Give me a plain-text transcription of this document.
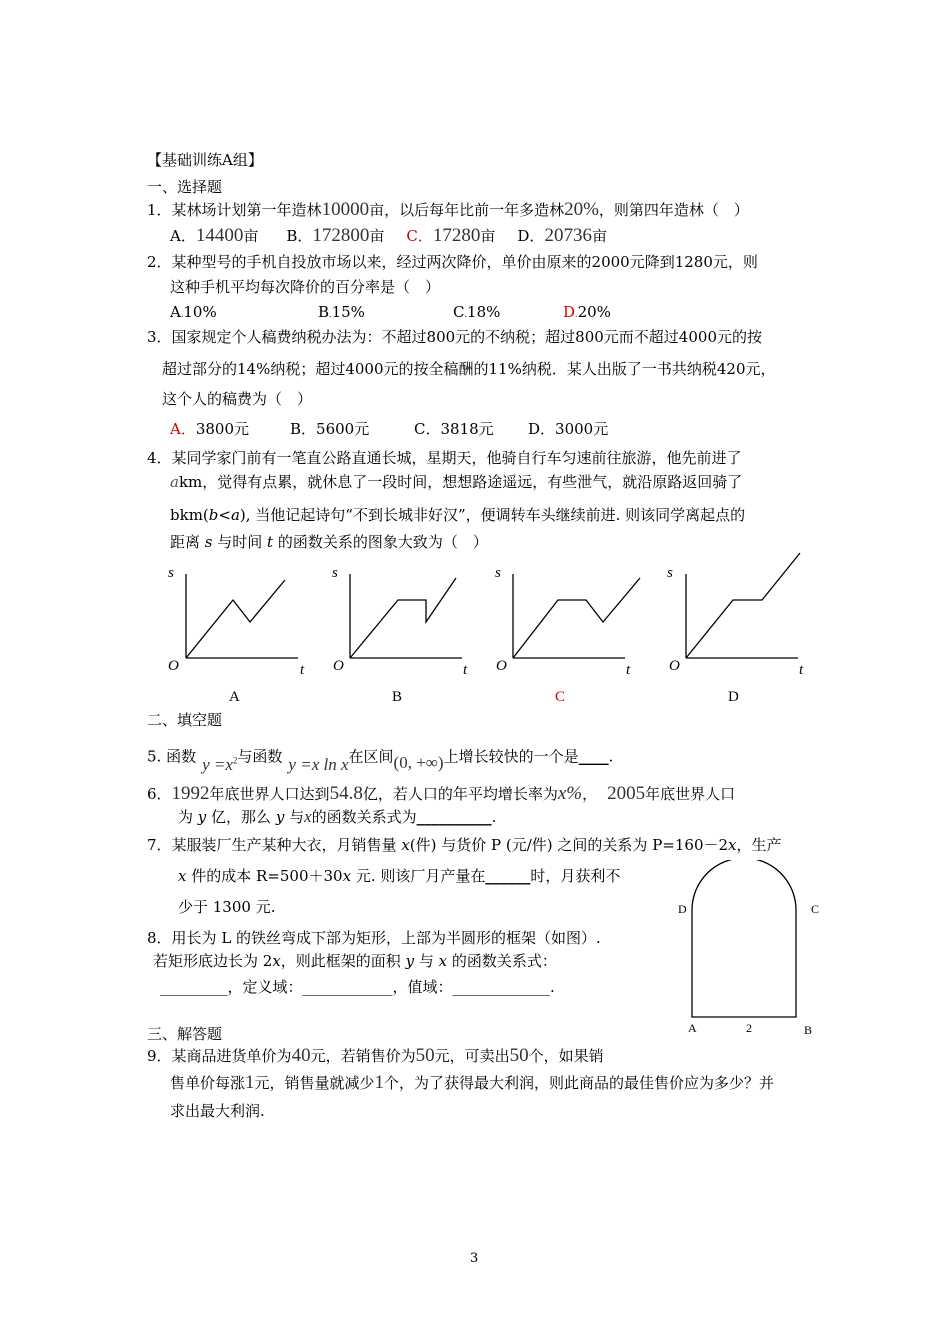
【基础训练A组】
一、选择题
1．某林场计划第一年造林10000亩，以后每年比前一年多造林20%，则第四年造林（　）
A．14400亩 B．172800亩 C．17280亩 D．20736亩
2．某种型号的手机自投放市场以来，经过两次降价，单价由原来的2000元降到1280元，则
这种手机平均每次降价的百分率是（　）
A.10%	B.15%	C.18%	D.20%
3．国家规定个人稿费纳税办法为：不超过800元的不纳税；超过800元而不超过4000元的按
超过部分的14%纳税；超过4000元的按全稿酬的11%纳税．某人出版了一书共纳税420元，
这个人的稿费为（　）
A．3800元	B．5600元	C．3818元 D．3000元
4．某同学家门前有一笔直公路直通长城，星期天，他骑自行车匀速前往旅游，他先前进了
akm，觉得有点累，就休息了一段时间，想想路途遥远，有些泄气，就沿原路返回骑了
bkm(b<a), 当他记起诗句“不到长城非好汉”，便调转车头继续前进. 则该同学离起点的
距离 s 与时间 t 的函数关系的图象大致为（　）
s
O	t
s
O	t
s
O	t
s
O	t
A	B	C	D
二、填空题
5. 函数 $y =x^2$与函数 y =x ln x在区间(0, +∞)上增长较快的一个是____.
6．1992年底世界人口达到54.8亿，若人口的年平均增长率为x%， 2005年底世界人口
为 y 亿，那么 y 与x的函数关系式为__________.
7．某服装厂生产某种大衣，月销售量 x(件) 与货价 P (元/件) 之间的关系为 P=160－2x，生产
x 件的成本 R=500＋30x 元. 则该厂月产量在______时，月获利不
少于 1300 元.
8．用长为 L 的铁丝弯成下部为矩形，上部为半圆形的框架（如图）.
若矩形底边长为 2x，则此框架的面积 y 与 x 的函数关系式：
_________，定义域：____________，值域：_____________.
D	C
A	2	B
三、解答题
9．某商品进货单价为40元，若销售价为50元，可卖出50个，如果销
售单价每涨1元，销售量就减少1个，为了获得最大利润，则此商品的最佳售价应为多少？并
求出最大利润.
3
